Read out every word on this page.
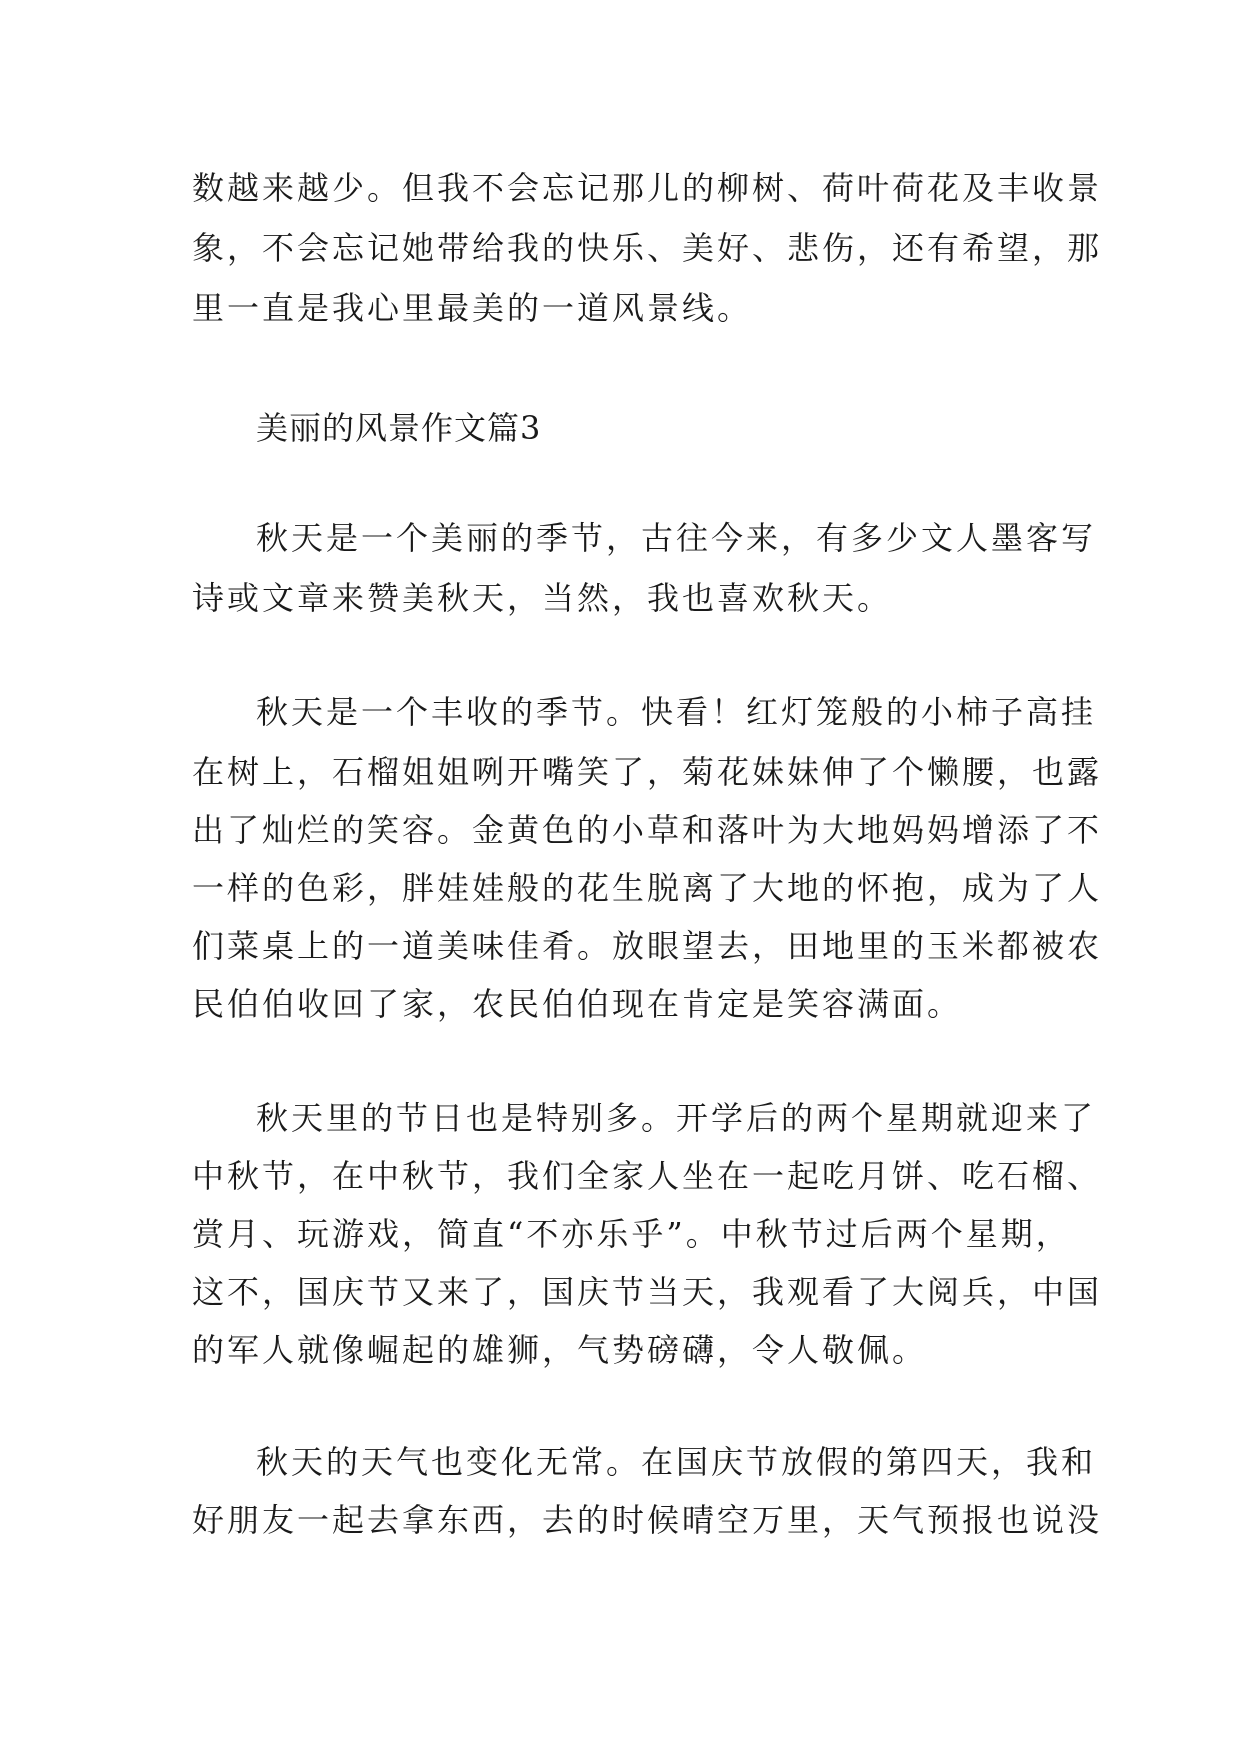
数越来越少。但我不会忘记那儿的柳树、荷叶荷花及丰收景
象，不会忘记她带给我的快乐、美好、悲伤，还有希望，那
里一直是我心里最美的一道风景线。
美丽的风景作文篇3
秋天是一个美丽的季节，古往今来，有多少文人墨客写
诗或文章来赞美秋天，当然，我也喜欢秋天。
秋天是一个丰收的季节。快看！红灯笼般的小柿子高挂
在树上，石榴姐姐咧开嘴笑了，菊花妹妹伸了个懒腰，也露
出了灿烂的笑容。金黄色的小草和落叶为大地妈妈增添了不
一样的色彩，胖娃娃般的花生脱离了大地的怀抱，成为了人
们菜桌上的一道美味佳肴。放眼望去，田地里的玉米都被农
民伯伯收回了家，农民伯伯现在肯定是笑容满面。
秋天里的节日也是特别多。开学后的两个星期就迎来了
中秋节，在中秋节，我们全家人坐在一起吃月饼、吃石榴、
赏月、玩游戏，简直“不亦乐乎”。中秋节过后两个星期，
这不，国庆节又来了，国庆节当天，我观看了大阅兵，中国
的军人就像崛起的雄狮，气势磅礴，令人敬佩。
秋天的天气也变化无常。在国庆节放假的第四天，我和
好朋友一起去拿东西，去的时候晴空万里，天气预报也说没
